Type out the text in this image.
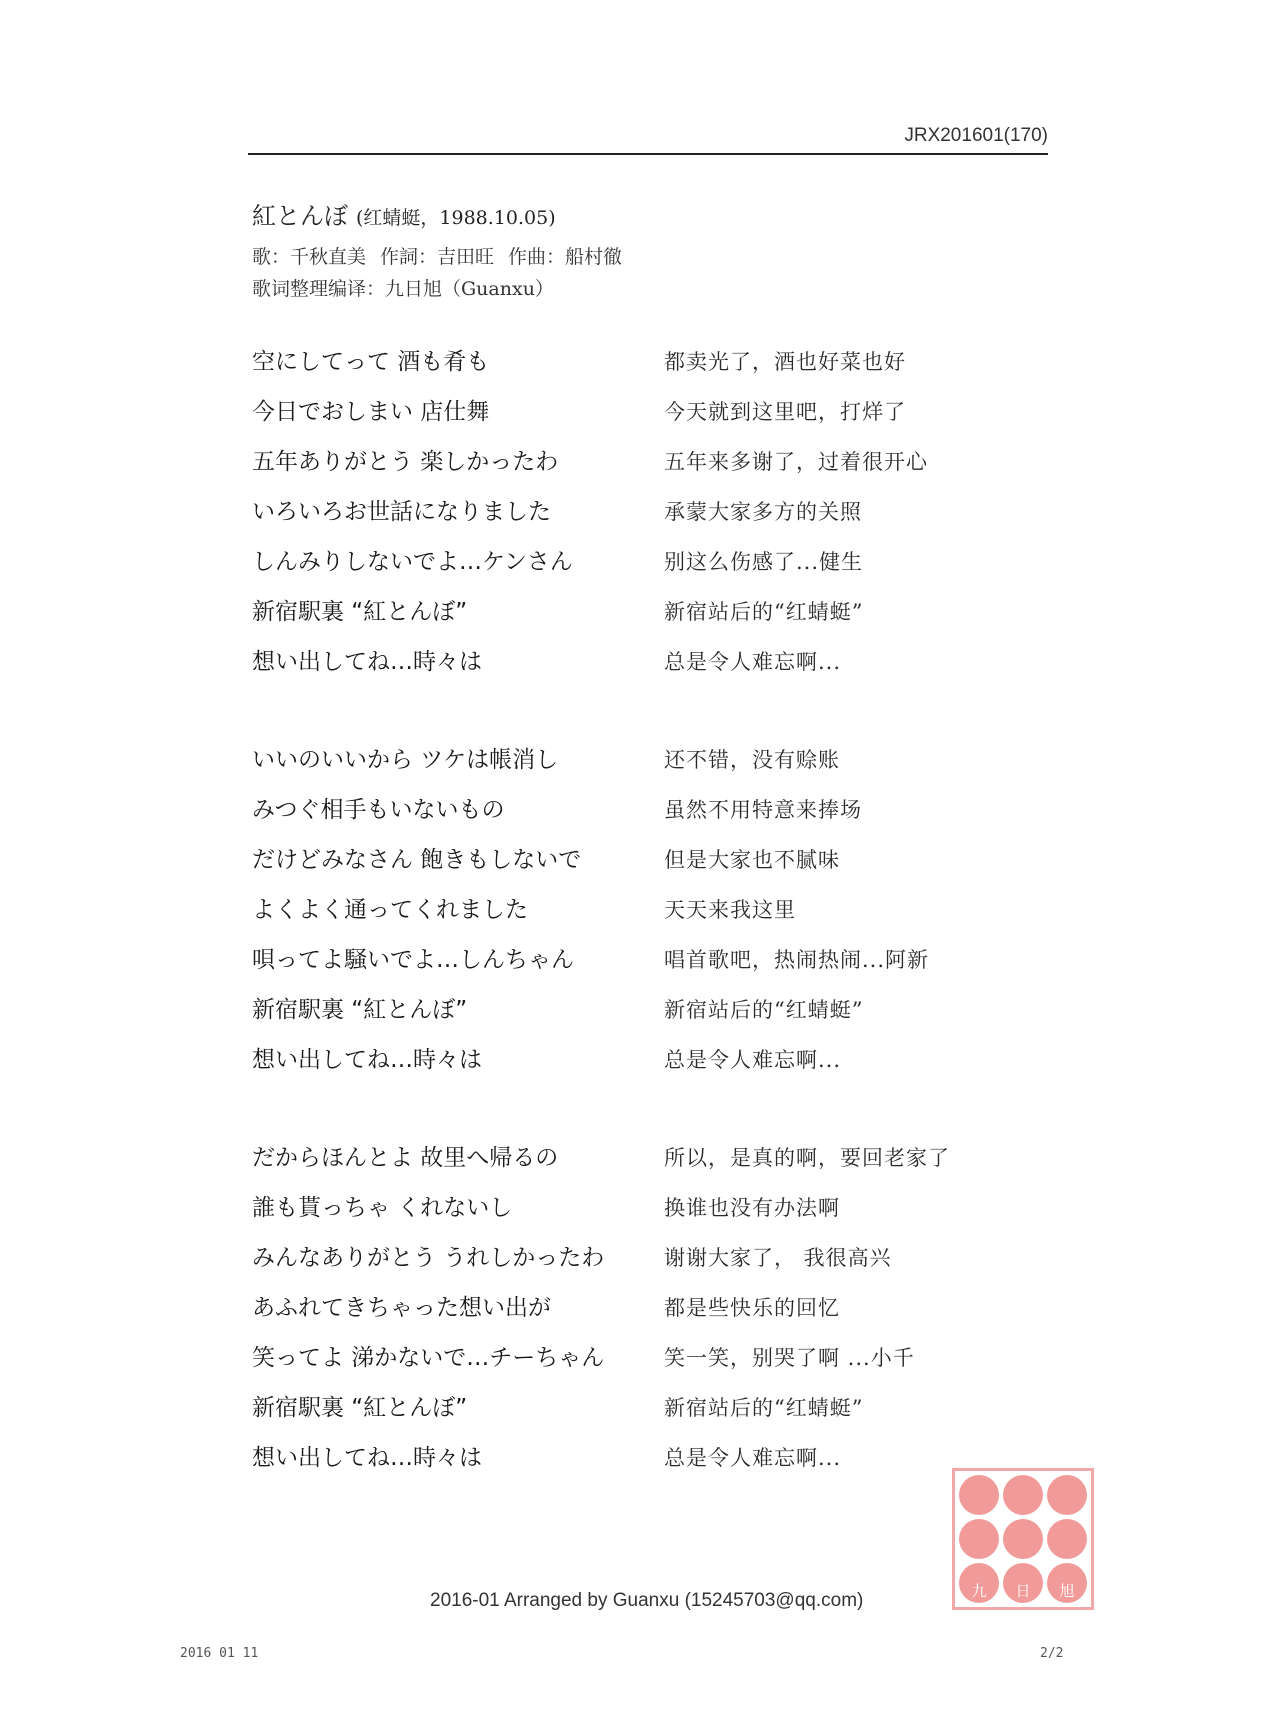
JRX201601(170)
紅とんぼ (红蜻蜓，1988.10.05)
歌：千秋直美 作詞：吉田旺 作曲：船村徹
歌词整理编译：九日旭（Guanxu）
空にしてって 酒も肴も	都卖光了，酒也好菜也好
今日でおしまい 店仕舞	今天就到这里吧，打烊了
五年ありがとう 楽しかったわ	五年来多谢了，过着很开心
いろいろお世話になりました	承蒙大家多方的关照
しんみりしないでよ…ケンさん	别这么伤感了...健生
新宿駅裏 “紅とんぼ”	新宿站后的“红蜻蜓”
想い出してね…時々は	总是令人难忘啊...
いいのいいから ツケは帳消し	还不错，没有赊账
みつぐ相手もいないもの	虽然不用特意来捧场
だけどみなさん 飽きもしないで	但是大家也不腻味
よくよく通ってくれました	天天来我这里
唄ってよ騒いでよ…しんちゃん	唱首歌吧，热闹热闹...阿新
新宿駅裏 “紅とんぼ”	新宿站后的“红蜻蜓”
想い出してね…時々は	总是令人难忘啊...
だからほんとよ 故里へ帰るの	所以，是真的啊，要回老家了
誰も貰っちゃ くれないし	换谁也没有办法啊
みんなありがとう うれしかったわ	谢谢大家了， 我很高兴
あふれてきちゃった想い出が	都是些快乐的回忆
笑ってよ 涕かないで…チーちゃん	笑一笑，别哭了啊 ...小千
新宿駅裏 “紅とんぼ”	新宿站后的“红蜻蜓”
想い出してね…時々は	总是令人难忘啊...
九	日	旭
2016-01 Arranged by Guanxu (15245703@qq.com)
2016 01 11	2/2
